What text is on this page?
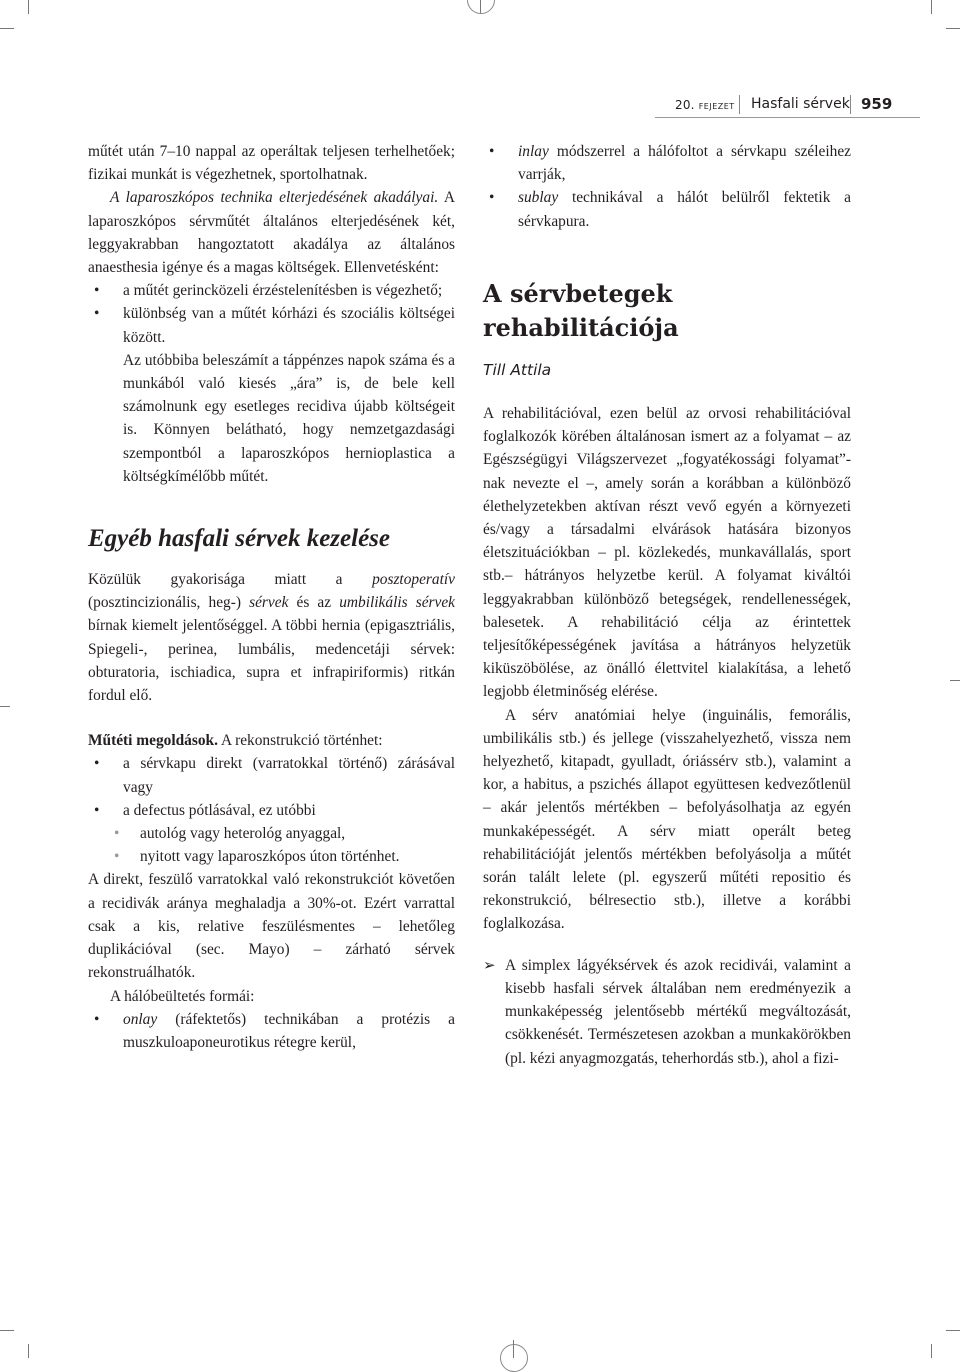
20. FEJEZET Hasfali sérvek 959

műtét után 7–10 nappal az operáltak teljesen terhelhetőek; fizikai munkát is végezhetnek, sportolhatnak.

A laparoszkópos technika elterjedésének akadályai. A laparoszkópos sérvműtét általános elterjedésének két, leggyakrabban hangoztatott akadálya az általános anaesthesia igénye és a magas költségek. Ellenvetésként:

• a műtét gerincközeli érzéstelenítésben is végezhető;
• különbség van a műtét kórházi és szociális költségei között.

Az utóbbiba beleszámít a táppénzes napok száma és a munkából való kiesés „ára” is, de bele kell számolnunk egy esetleges recidiva újabb költségeit is. Könnyen belátható, hogy nemzetgazdasági szempontból a laparoszkópos hernioplastica a költségkímélőbb műtét.

Egyéb hasfali sérvek kezelése

Közülük gyakorisága miatt a posztoperatív (posztincizionális, heg-) sérvek és az umbilikális sérvek bírnak kiemelt jelentőséggel. A többi hernia (epigasztriális, Spiegeli-, perinea, lumbális, medencetáji sérvek: obturatoria, ischiadica, supra et infrapiriformis) ritkán fordul elő.

Műtéti megoldások. A rekonstrukció történhet:

• a sérvkapu direkt (varratokkal történő) zárásával vagy
• a defectus pótlásával, ez utóbbi
• autológ vagy heterológ anyaggal,
• nyitott vagy laparoszkópos úton történhet.

A direkt, feszülő varratokkal való rekonstrukciót követően a recidivák aránya meghaladja a 30%-ot. Ezért varrattal csak a kis, relative feszülésmentes – lehetőleg duplikációval (sec. Mayo) – zárható sérvek rekonstruálhatók.

A hálóbeültetés formái:

• onlay (ráfektetős) technikában a protézis a muszkuloaponeurotikus rétegre kerül,
• inlay módszerrel a hálófoltot a sérvkapu széleihez varrják,
• sublay technikával a hálót belülről fektetik a sérvkapura.
A sérvbetegek rehabilitációja

Till Attila

A rehabilitációval, ezen belül az orvosi rehabilitációval foglalkozók körében általánosan ismert az a folyamat – az Egészségügyi Világszervezet „fogyatékossági folyamat”-nak nevezte el –, amely során a korábban a különböző élethelyzetekben aktívan részt vevő egyén a környezeti és/vagy a társadalmi elvárások hatására bizonyos életszituációkban – pl. közlekedés, munkavállalás, sport stb.– hátrányos helyzetbe kerül. A folyamat kiváltói leggyakrabban különböző betegségek, rendellenességek, balesetek. A rehabilitáció célja az érintettek teljesítőképességének javítása a hátrányos helyzetük kiküszöbölése, az önálló élettvitel kialakítása, a lehető legjobb életminőség elérése.

A sérv anatómiai helye (inguinális, femorális, umbilikális stb.) és jellege (visszahelyezhető, vissza nem helyezhető, kitapadt, gyulladt, óriássérv stb.), valamint a kor, a habitus, a pszichés állapot együttesen kedvezőtlenül – akár jelentős mértékben – befolyásolhatja az egyén munkaképességét. A sérv miatt operált beteg rehabilitációját jelentős mértékben befolyásolja a műtét során talált lelete (pl. egyszerű műtéti repositio és rekonstrukció, bélresectio stb.), illetve a korábbi foglalkozása.

➢ A simplex lágyéksérvek és azok recidivái, valamint a kisebb hasfali sérvek általában nem eredményezik a munkaképesség jelentősebb mértékű megváltozását, csökkenését. Természetesen azokban a munkakörökben (pl. kézi anyagmozgatás, teherhordás stb.), ahol a fizi-
